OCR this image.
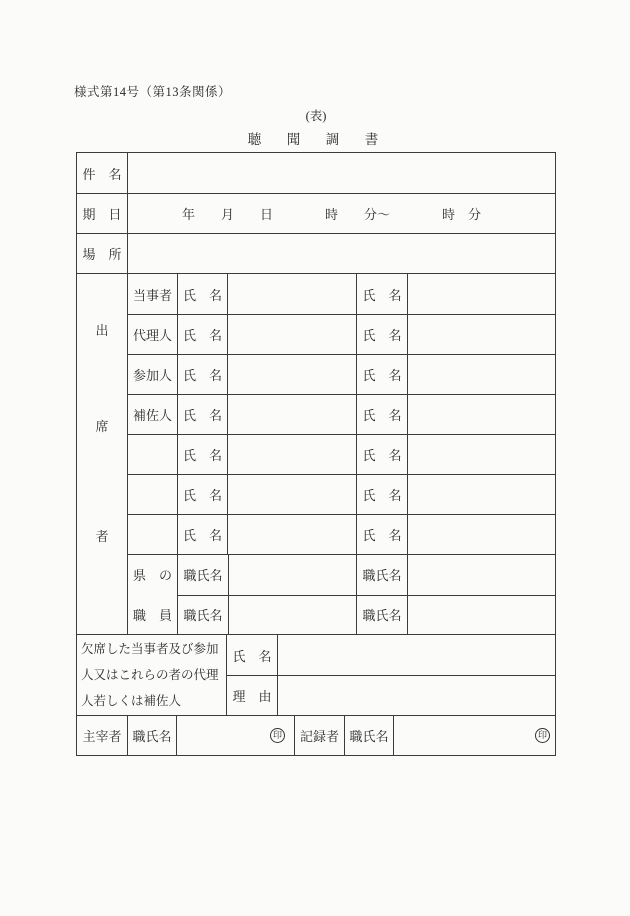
様式第14号（第13条関係）
(表)
聴　聞　調　書
件　名
期　日 　　　　年　　月　　日　　　　時　　分～　　　　時　分
場　所
出
席
者
当事者 氏　名	氏　名
代理人 氏　名	氏　名
参加人 氏　名	氏　名
補佐人 氏　名	氏　名
氏　名	氏　名
氏　名	氏　名
氏　名	氏　名
県　の
職　員
職氏名	職氏名
職氏名	職氏名
欠席した当事者及び参加人又はこれらの者の代理人若しくは補佐人
氏　名
理　由
主宰者 職氏名	印	記録者 職氏名	印
